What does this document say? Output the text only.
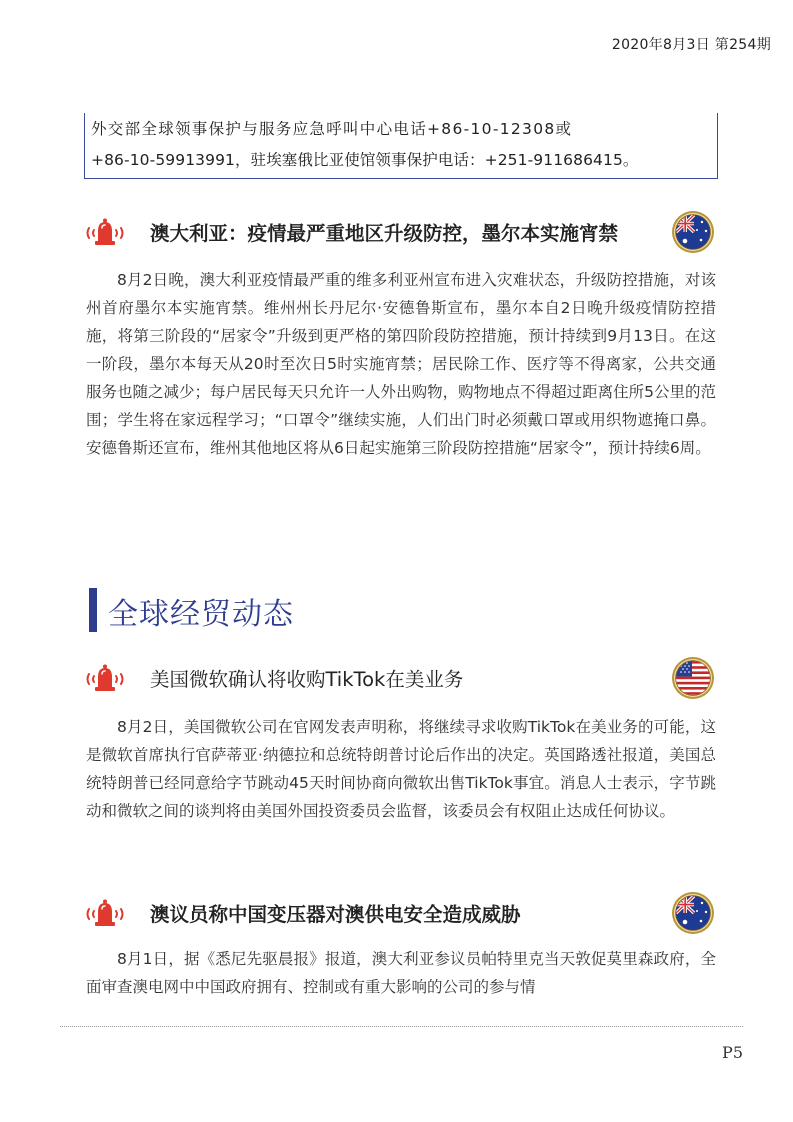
2020年8月3日 第254期
外交部全球领事保护与服务应急呼叫中心电话+86-10-12308或
+86-10-59913991，驻埃塞俄比亚使馆领事保护电话：+251-911686415。
澳大利亚：疫情最严重地区升级防控，墨尔本实施宵禁
8月2日晚，澳大利亚疫情最严重的维多利亚州宣布进入灾难状态，升级防控措施，对该州首府墨尔本实施宵禁。维州州长丹尼尔·安德鲁斯宣布，墨尔本自2日晚升级疫情防控措施，将第三阶段的“居家令”升级到更严格的第四阶段防控措施，预计持续到9月13日。在这一阶段，墨尔本每天从20时至次日5时实施宵禁；居民除工作、医疗等不得离家，公共交通服务也随之减少；每户居民每天只允许一人外出购物，购物地点不得超过距离住所5公里的范围；学生将在家远程学习；“口罩令”继续实施，人们出门时必须戴口罩或用织物遮掩口鼻。安德鲁斯还宣布，维州其他地区将从6日起实施第三阶段防控措施“居家令”，预计持续6周。
全球经贸动态
美国微软确认将收购TikTok在美业务
8月2日，美国微软公司在官网发表声明称，将继续寻求收购TikTok在美业务的可能，这是微软首席执行官萨蒂亚·纳德拉和总统特朗普讨论后作出的决定。英国路透社报道，美国总统特朗普已经同意给字节跳动45天时间协商向微软出售TikTok事宜。消息人士表示，字节跳动和微软之间的谈判将由美国外国投资委员会监督，该委员会有权阻止达成任何协议。
澳议员称中国变压器对澳供电安全造成威胁
8月1日，据《悉尼先驱晨报》报道，澳大利亚参议员帕特里克当天敦促莫里森政府，全面审查澳电网中中国政府拥有、控制或有重大影响的公司的参与情
P5
